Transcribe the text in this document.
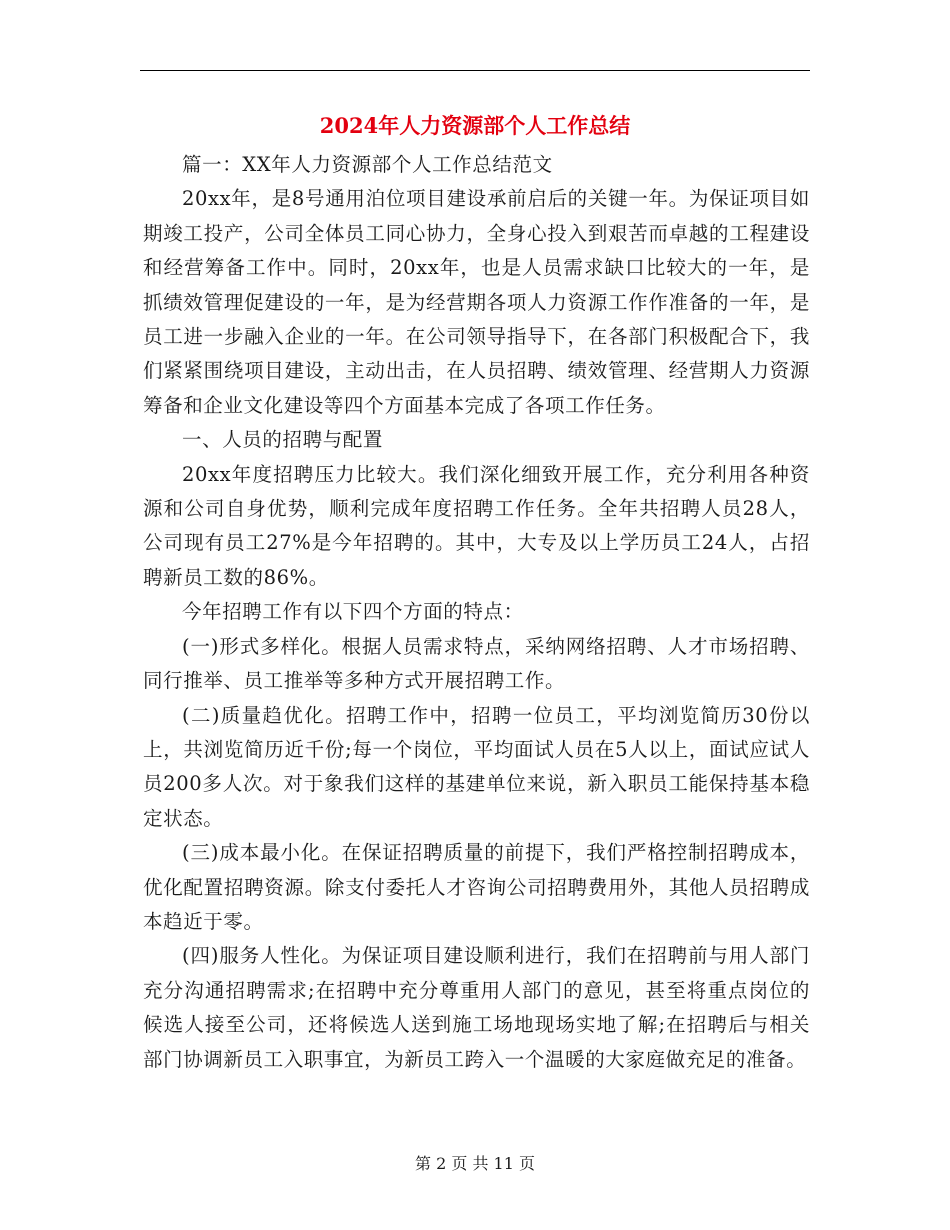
2024年人力资源部个人工作总结

篇一：XX年人力资源部个人工作总结范文

20xx年，是8号通用泊位项目建设承前启后的关键一年。为保证项目如期竣工投产，公司全体员工同心协力，全身心投入到艰苦而卓越的工程建设和经营筹备工作中。同时，20xx年，也是人员需求缺口比较大的一年，是抓绩效管理促建设的一年，是为经营期各项人力资源工作作准备的一年，是员工进一步融入企业的一年。在公司领导指导下，在各部门积极配合下，我们紧紧围绕项目建设，主动出击，在人员招聘、绩效管理、经营期人力资源筹备和企业文化建设等四个方面基本完成了各项工作任务。

一、人员的招聘与配置

20xx年度招聘压力比较大。我们深化细致开展工作，充分利用各种资源和公司自身优势，顺利完成年度招聘工作任务。全年共招聘人员28人，公司现有员工27%是今年招聘的。其中，大专及以上学历员工24人，占招聘新员工数的86%。

今年招聘工作有以下四个方面的特点：

(一)形式多样化。根据人员需求特点，采纳网络招聘、人才市场招聘、同行推举、员工推举等多种方式开展招聘工作。

(二)质量趋优化。招聘工作中，招聘一位员工，平均浏览简历30份以上，共浏览简历近千份;每一个岗位，平均面试人员在5人以上，面试应试人员200多人次。对于象我们这样的基建单位来说，新入职员工能保持基本稳定状态。

(三)成本最小化。在保证招聘质量的前提下，我们严格控制招聘成本，优化配置招聘资源。除支付委托人才咨询公司招聘费用外，其他人员招聘成本趋近于零。

(四)服务人性化。为保证项目建设顺利进行，我们在招聘前与用人部门充分沟通招聘需求;在招聘中充分尊重用人部门的意见，甚至将重点岗位的候选人接至公司，还将候选人送到施工场地现场实地了解;在招聘后与相关部门协调新员工入职事宜，为新员工跨入一个温暖的大家庭做充足的准备。

第 2 页 共 11 页
